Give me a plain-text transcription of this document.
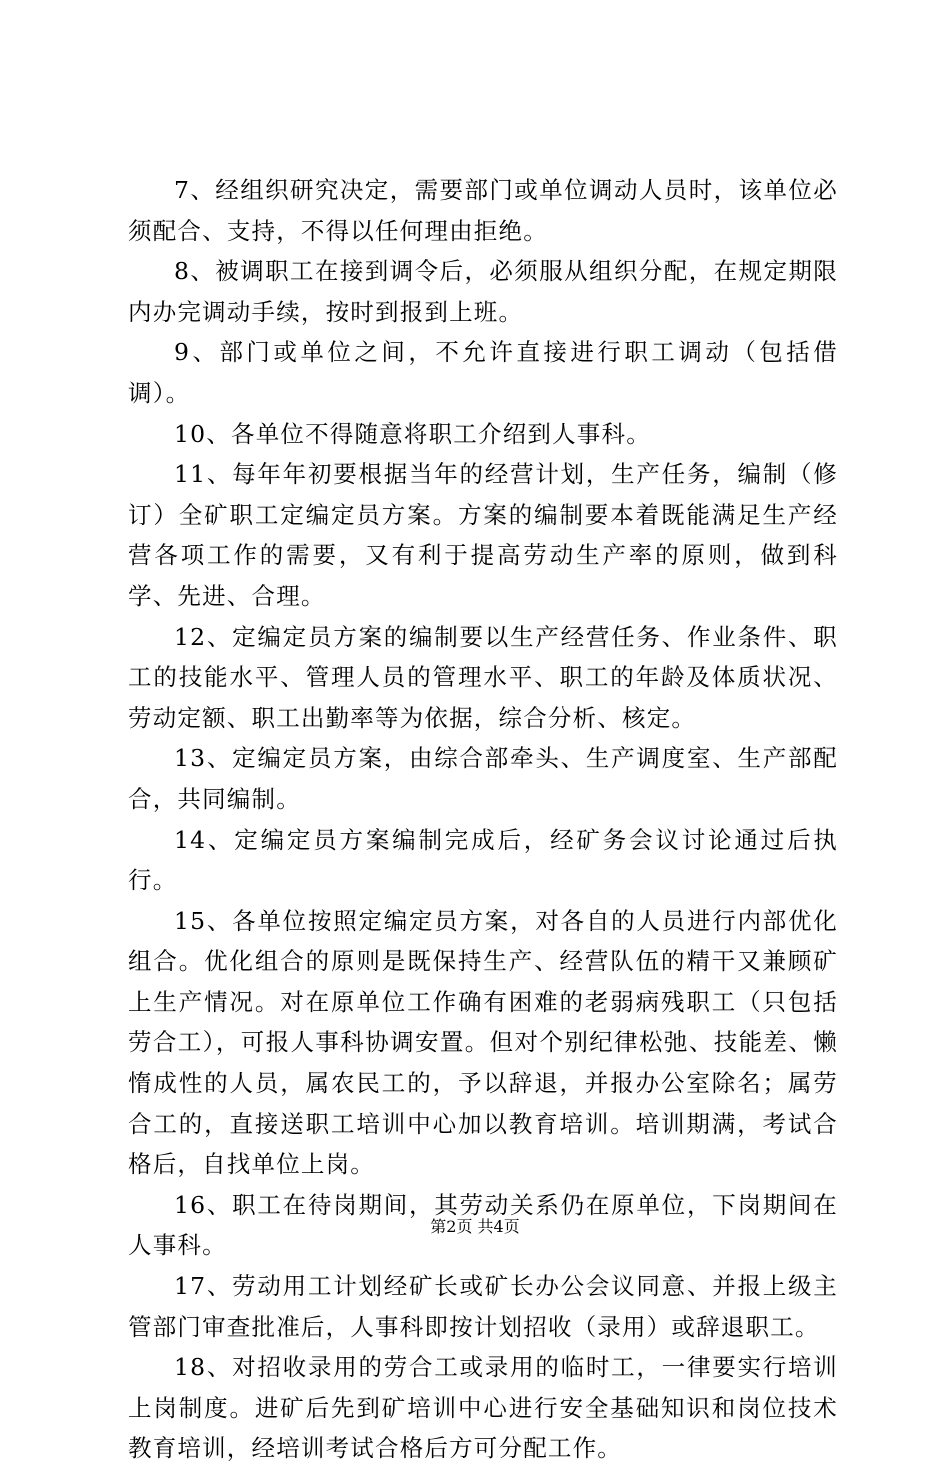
7、经组织研究决定，需要部门或单位调动人员时，该单位必须配合、支持，不得以任何理由拒绝。

8、被调职工在接到调令后，必须服从组织分配，在规定期限内办完调动手续，按时到报到上班。

9、部门或单位之间，不允许直接进行职工调动（包括借调）。

10、各单位不得随意将职工介绍到人事科。

11、每年年初要根据当年的经营计划，生产任务，编制（修订）全矿职工定编定员方案。方案的编制要本着既能满足生产经营各项工作的需要，又有利于提高劳动生产率的原则，做到科学、先进、合理。

12、定编定员方案的编制要以生产经营任务、作业条件、职工的技能水平、管理人员的管理水平、职工的年龄及体质状况、劳动定额、职工出勤率等为依据，综合分析、核定。

13、定编定员方案，由综合部牵头、生产调度室、生产部配合，共同编制。

14、定编定员方案编制完成后，经矿务会议讨论通过后执行。

15、各单位按照定编定员方案，对各自的人员进行内部优化组合。优化组合的原则是既保持生产、经营队伍的精干又兼顾矿上生产情况。对在原单位工作确有困难的老弱病残职工（只包括劳合工），可报人事科协调安置。但对个别纪律松弛、技能差、懒惰成性的人员，属农民工的，予以辞退，并报办公室除名；属劳合工的，直接送职工培训中心加以教育培训。培训期满，考试合格后，自找单位上岗。

16、职工在待岗期间，其劳动关系仍在原单位，下岗期间在人事科。

17、劳动用工计划经矿长或矿长办公会议同意、并报上级主管部门审查批准后，人事科即按计划招收（录用）或辞退职工。

18、对招收录用的劳合工或录用的临时工，一律要实行培训上岗制度。进矿后先到矿培训中心进行安全基础知识和岗位技术教育培训，经培训考试合格后方可分配工作。

第2页 共4页
